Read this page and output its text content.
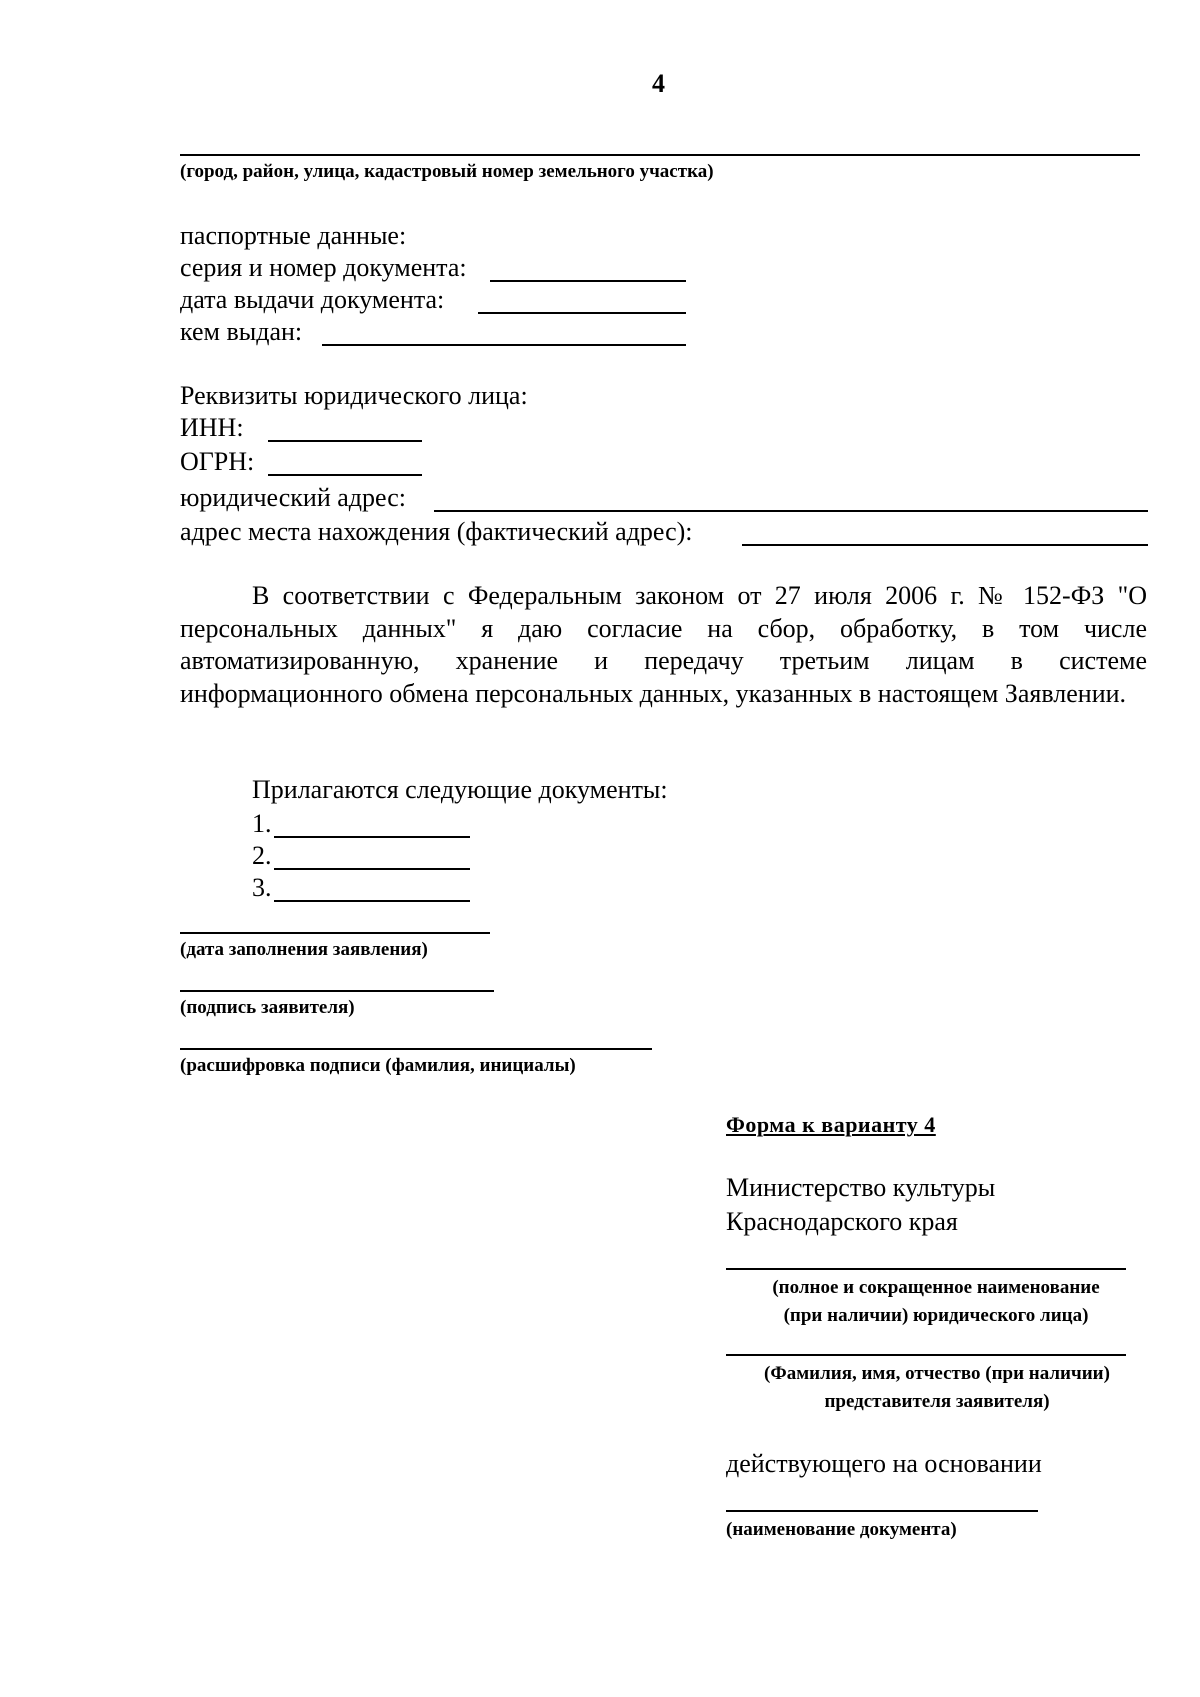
4
(город, район, улица, кадастровый номер земельного участка)
паспортные данные:
серия и номер документа:
дата выдачи документа:
кем выдан:
Реквизиты юридического лица:
ИНН:
ОГРН:
юридический адрес:
адрес места нахождения (фактический адрес):
В соответствии с Федеральным законом от 27 июля 2006 г. № 152-ФЗ "О персональных данных" я даю согласие на сбор, обработку, в том числе автоматизированную, хранение и передачу третьим лицам в системе информационного обмена персональных данных, указанных в настоящем Заявлении.
Прилагаются следующие документы:
1.
2.
3.
(дата заполнения заявления)
(подпись заявителя)
(расшифровка подписи (фамилия, инициалы)
Форма к варианту 4
Министерство культуры
Краснодарского края
(полное и сокращенное наименование
(при наличии) юридического лица)
(Фамилия, имя, отчество (при наличии)
представителя заявителя)
действующего на основании
(наименование документа)
